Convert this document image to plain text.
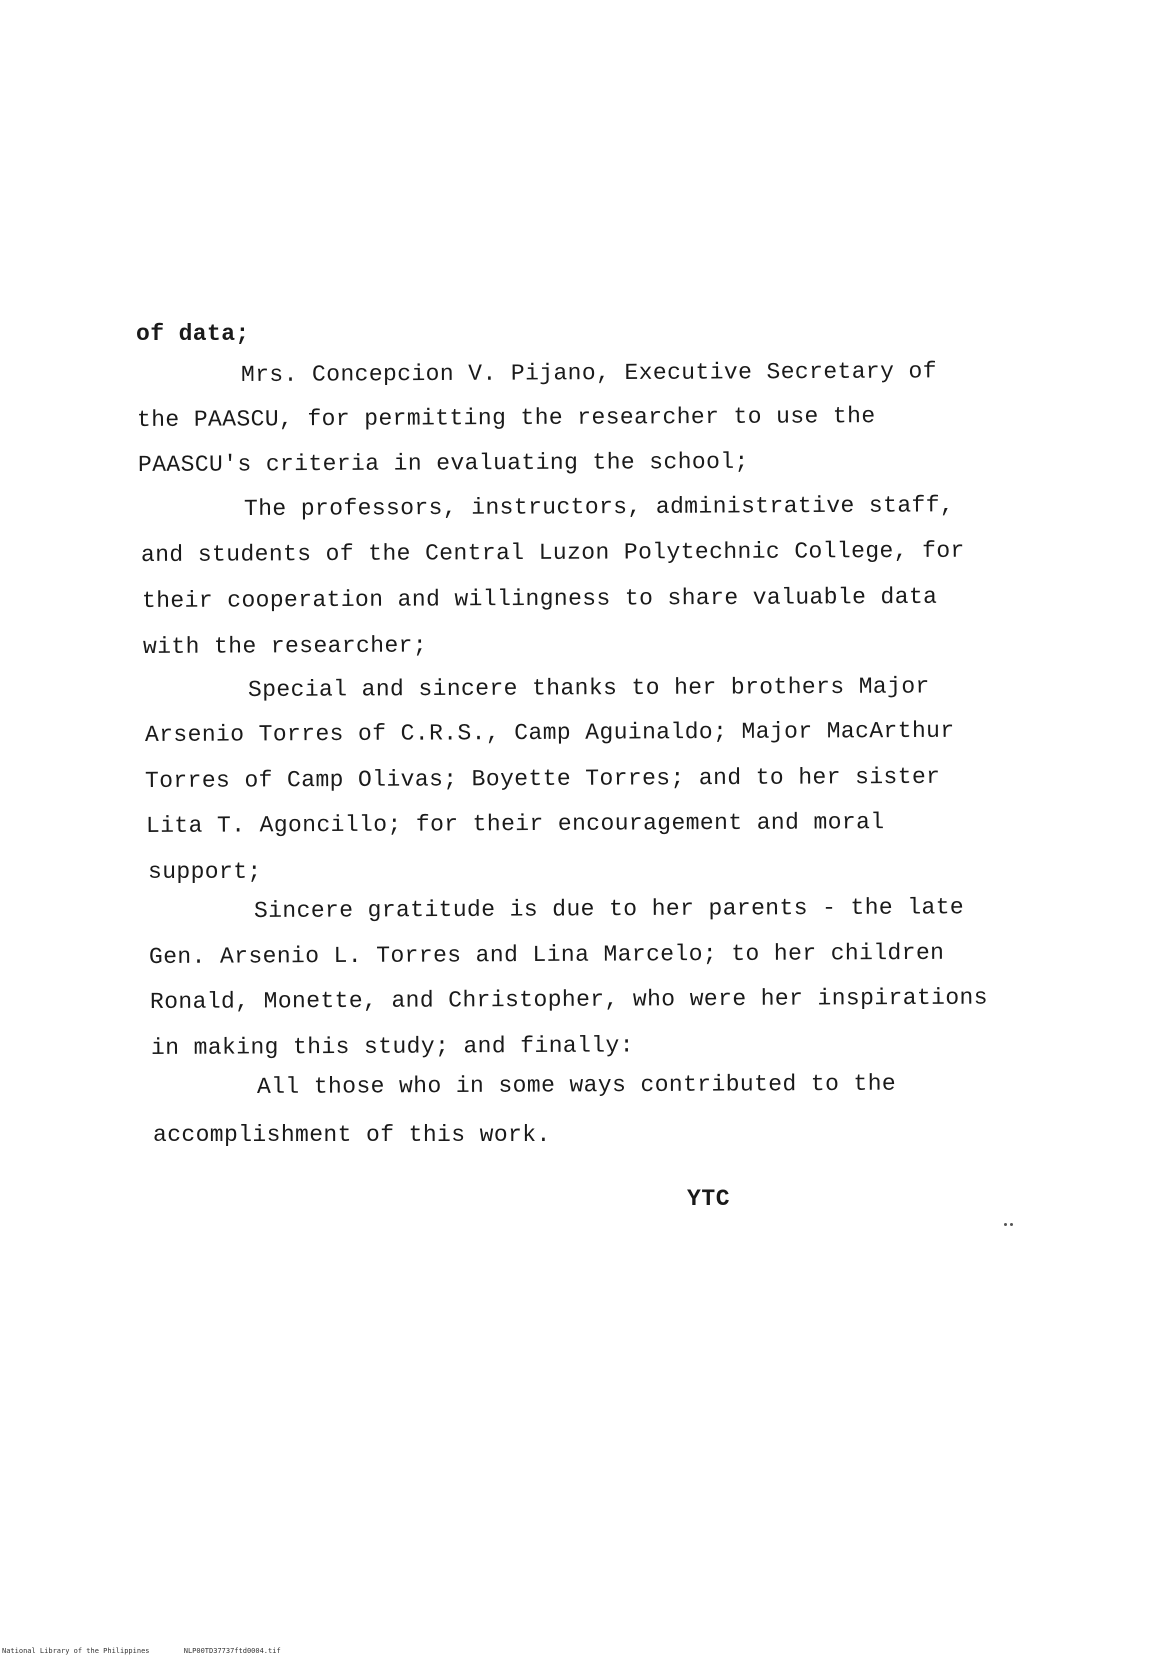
of data;
Mrs. Concepcion V. Pijano, Executive Secretary of
the PAASCU, for permitting the researcher to use the
PAASCU's criteria in evaluating the school;
The professors, instructors, administrative staff,
and students of the Central Luzon Polytechnic College, for
their cooperation and willingness to share valuable data
with the researcher;
Special and sincere thanks to her brothers Major
Arsenio Torres of C.R.S., Camp Aguinaldo; Major MacArthur
Torres of Camp Olivas; Boyette Torres; and to her sister
Lita T. Agoncillo; for their encouragement and moral
support;
Sincere gratitude is due to her parents - the late
Gen. Arsenio L. Torres and Lina Marcelo; to her children
Ronald, Monette, and Christopher, who were her inspirations
in making this study; and finally:
All those who in some ways contributed to the
accomplishment of this work.
YTC
National Library of the Philippines	NLP00TD37737ftd0004.tif
